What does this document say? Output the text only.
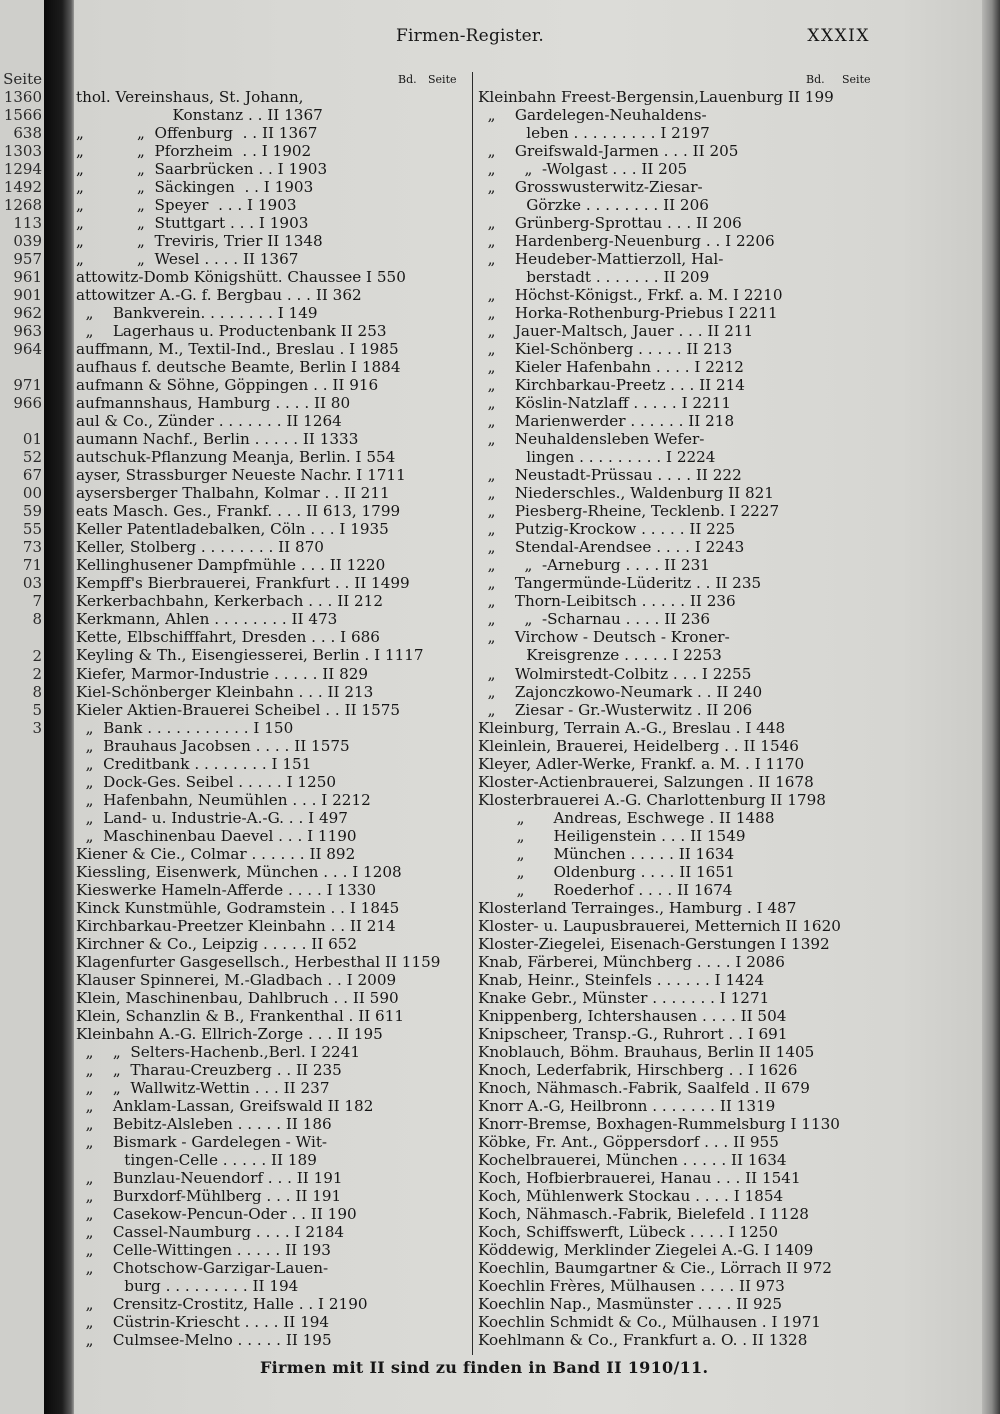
Seite
1360
1566
638
1303
1294
1492
1268
113
039
957
961
901
962
963
964
971
966
01
52
67
00
59
55
73
71
03
7
8
2
2
8
5
3
Firmen-Register.	XXXIX
Bd. Seite
thol. Vereinshaus, St. Johann,
Konstanz . . II 1367
„           „  Offenburg  . . II 1367
„           „  Pforzheim  . . I 1902
„           „  Saarbrücken . . I 1903
„           „  Säckingen  . . I 1903
„           „  Speyer  . . . I 1903
„           „  Stuttgart . . . I 1903
„           „  Treviris, Trier II 1348
„           „  Wesel . . . . II 1367
attowitz-Domb Königshütt. Chaussee I 550
attowitzer A.-G. f. Bergbau . . . II 362
„    Bankverein. . . . . . . . I 149
„    Lagerhaus u. Productenbank II 253
auffmann, M., Textil-Ind., Breslau . I 1985
aufhaus f. deutsche Beamte, Berlin I 1884
aufmann & Söhne, Göppingen . . II 916
aufmannshaus, Hamburg . . . . II 80
aul & Co., Zünder . . . . . . . II 1264
aumann Nachf., Berlin . . . . . II 1333
autschuk-Pflanzung Meanja, Berlin. I 554
ayser, Strassburger Neueste Nachr. I 1711
aysersberger Thalbahn, Kolmar . . II 211
eats Masch. Ges., Frankf. . . . II 613, 1799
Keller Patentladebalken, Cöln . . . I 1935
Keller, Stolberg . . . . . . . . II 870
Kellinghusener Dampfmühle . . . II 1220
Kempff's Bierbrauerei, Frankfurt . . II 1499
Kerkerbachbahn, Kerkerbach . . . II 212
Kerkmann, Ahlen . . . . . . . . II 473
Kette, Elbschifffahrt, Dresden . . . I 686
Keyling & Th., Eisengiesserei, Berlin . I 1117
Kiefer, Marmor-Industrie . . . . . II 829
Kiel-Schönberger Kleinbahn . . . II 213
Kieler Aktien-Brauerei Scheibel . . II 1575
„  Bank . . . . . . . . . . . I 150
„  Brauhaus Jacobsen . . . . II 1575
„  Creditbank . . . . . . . . I 151
„  Dock-Ges. Seibel . . . . . I 1250
„  Hafenbahn, Neumühlen . . . I 2212
„  Land- u. Industrie-A.-G. . . I 497
„  Maschinenbau Daevel . . . I 1190
Kiener & Cie., Colmar . . . . . . II 892
Kiessling, Eisenwerk, München . . . I 1208
Kieswerke Hameln-Afferde . . . . I 1330
Kinck Kunstmühle, Godramstein . . I 1845
Kirchbarkau-Preetzer Kleinbahn . . II 214
Kirchner & Co., Leipzig . . . . . II 652
Klagenfurter Gasgesellsch., Herbesthal II 1159
Klauser Spinnerei, M.-Gladbach . . I 2009
Klein, Maschinenbau, Dahlbruch . . II 590
Klein, Schanzlin & B., Frankenthal . II 611
Kleinbahn A.-G. Ellrich-Zorge . . . II 195
„    „  Selters-Hachenb.,Berl. I 2241
„    „  Tharau-Creuzberg . . II 235
„    „  Wallwitz-Wettin . . . II 237
„    Anklam-Lassan, Greifswald II 182
„    Bebitz-Alsleben . . . . . II 186
„    Bismark - Gardelegen - Wit-
tingen-Celle . . . . . II 189
„    Bunzlau-Neuendorf . . . II 191
„    Burxdorf-Mühlberg . . . II 191
„    Casekow-Pencun-Oder . . II 190
„    Cassel-Naumburg . . . . I 2184
„    Celle-Wittingen . . . . . II 193
„    Chotschow-Garzigar-Lauen-
burg . . . . . . . . . II 194
„    Crensitz-Crostitz, Halle . . I 2190
„    Cüstrin-Kriescht . . . . II 194
„    Culmsee-Melno . . . . . II 195
Bd. Seite
Kleinbahn Freest-Bergensin,Lauenburg II 199
„    Gardelegen-Neuhaldens-
leben . . . . . . . . . I 2197
„    Greifswald-Jarmen . . . II 205
„      „  -Wolgast . . . II 205
„    Grosswusterwitz-Ziesar-
Görzke . . . . . . . . II 206
„    Grünberg-Sprottau . . . II 206
„    Hardenberg-Neuenburg . . I 2206
„    Heudeber-Mattierzoll, Hal-
berstadt . . . . . . . II 209
„    Höchst-Königst., Frkf. a. M. I 2210
„    Horka-Rothenburg-Priebus I 2211
„    Jauer-Maltsch, Jauer . . . II 211
„    Kiel-Schönberg . . . . . II 213
„    Kieler Hafenbahn . . . . I 2212
„    Kirchbarkau-Preetz . . . II 214
„    Köslin-Natzlaff . . . . . I 2211
„    Marienwerder . . . . . . II 218
„    Neuhaldensleben Wefer-
lingen . . . . . . . . . I 2224
„    Neustadt-Prüssau . . . . II 222
„    Niederschles., Waldenburg II 821
„    Piesberg-Rheine, Tecklenb. I 2227
„    Putzig-Krockow . . . . . II 225
„    Stendal-Arendsee . . . . I 2243
„      „  -Arneburg . . . . II 231
„    Tangermünde-Lüderitz . . II 235
„    Thorn-Leibitsch . . . . . II 236
„      „  -Scharnau . . . . II 236
„    Virchow - Deutsch - Kroner-
Kreisgrenze . . . . . I 2253
„    Wolmirstedt-Colbitz . . . I 2255
„    Zajonczkowo-Neumark . . II 240
„    Ziesar - Gr.-Wusterwitz . II 206
Kleinburg, Terrain A.-G., Breslau . I 448
Kleinlein, Brauerei, Heidelberg . . II 1546
Kleyer, Adler-Werke, Frankf. a. M. . I 1170
Kloster-Actienbrauerei, Salzungen . II 1678
Klosterbrauerei A.-G. Charlottenburg II 1798
„      Andreas, Eschwege . II 1488
„      Heiligenstein . . . II 1549
„      München . . . . . II 1634
„      Oldenburg . . . . II 1651
„      Roederhof . . . . II 1674
Klosterland Terrainges., Hamburg . I 487
Kloster- u. Laupusbrauerei, Metternich II 1620
Kloster-Ziegelei, Eisenach-Gerstungen I 1392
Knab, Färberei, Münchberg . . . . I 2086
Knab, Heinr., Steinfels . . . . . . I 1424
Knake Gebr., Münster . . . . . . . I 1271
Knippenberg, Ichtershausen . . . . II 504
Knipscheer, Transp.-G., Ruhrort . . I 691
Knoblauch, Böhm. Brauhaus, Berlin II 1405
Knoch, Lederfabrik, Hirschberg . . I 1626
Knoch, Nähmasch.-Fabrik, Saalfeld . II 679
Knorr A.-G, Heilbronn . . . . . . . II 1319
Knorr-Bremse, Boxhagen-Rummelsburg I 1130
Köbke, Fr. Ant., Göppersdorf . . . II 955
Kochelbrauerei, München . . . . . II 1634
Koch, Hofbierbrauerei, Hanau . . . II 1541
Koch, Mühlenwerk Stockau . . . . I 1854
Koch, Nähmasch.-Fabrik, Bielefeld . I 1128
Koch, Schiffswerft, Lübeck . . . . I 1250
Köddewig, Merklinder Ziegelei A.-G. I 1409
Koechlin, Baumgartner & Cie., Lörrach II 972
Koechlin Frères, Mülhausen . . . . II 973
Koechlin Nap., Masmünster . . . . II 925
Koechlin Schmidt & Co., Mülhausen . I 1971
Koehlmann & Co., Frankfurt a. O. . II 1328
Firmen mit II sind zu finden in Band II 1910/11.
